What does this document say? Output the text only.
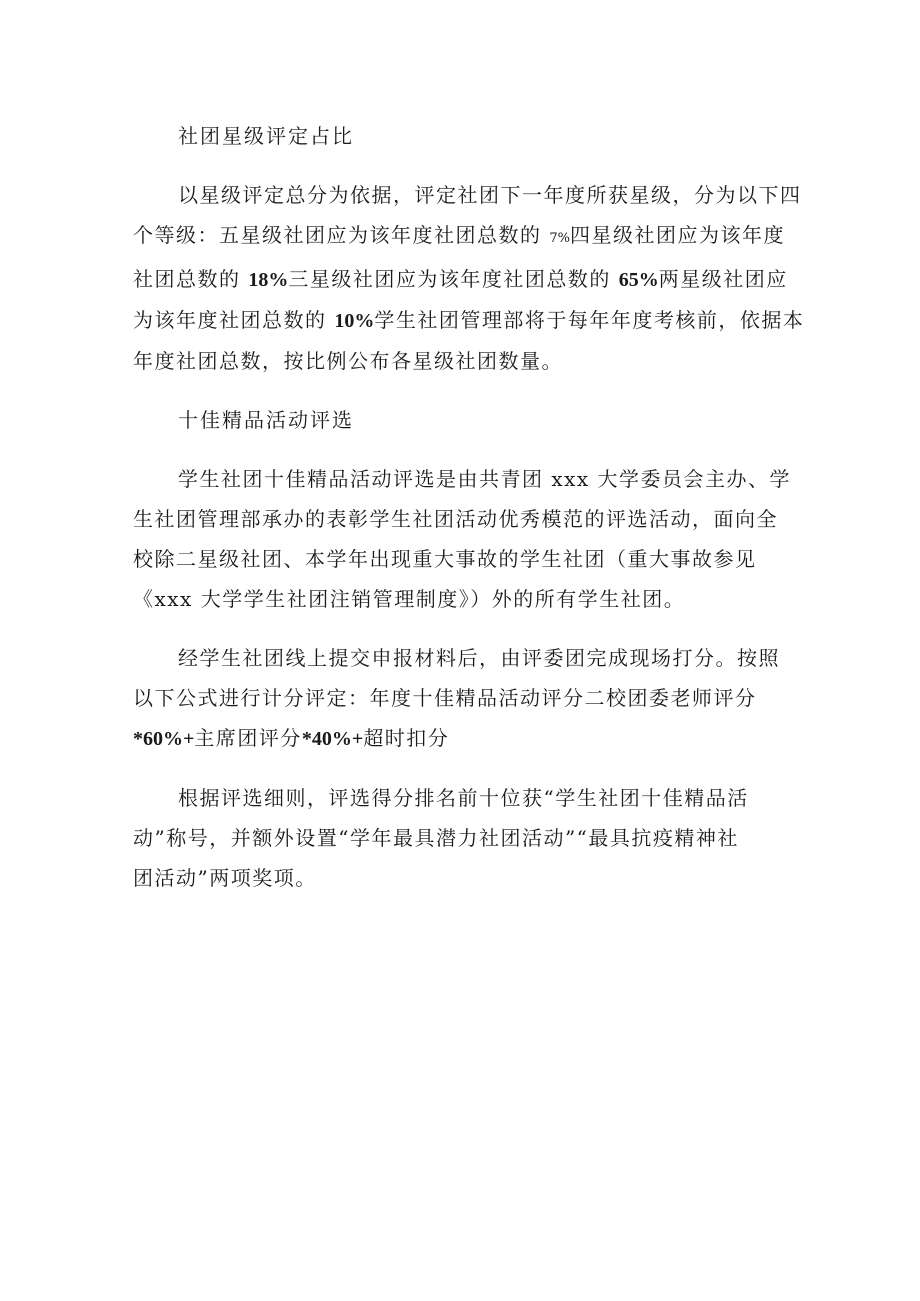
社团星级评定占比
以星级评定总分为依据，评定社团下一年度所获星级，分为以下四
个等级：五星级社团应为该年度社团总数的 7%四星级社团应为该年度
社团总数的 18%三星级社团应为该年度社团总数的 65%两星级社团应
为该年度社团总数的 10%学生社团管理部将于每年年度考核前，依据本
年度社团总数，按比例公布各星级社团数量。
十佳精品活动评选
学生社团十佳精品活动评选是由共青团 xxx 大学委员会主办、学
生社团管理部承办的表彰学生社团活动优秀模范的评选活动，面向全
校除二星级社团、本学年出现重大事故的学生社团（重大事故参见
《xxx 大学学生社团注销管理制度》）外的所有学生社团。
经学生社团线上提交申报材料后，由评委团完成现场打分。按照
以下公式进行计分评定：年度十佳精品活动评分二校团委老师评分
*60%+主席团评分*40%+超时扣分
根据评选细则，评选得分排名前十位获“学生社团十佳精品活
动”称号，并额外设置“学年最具潜力社团活动”“最具抗疫精神社
团活动”两项奖项。
